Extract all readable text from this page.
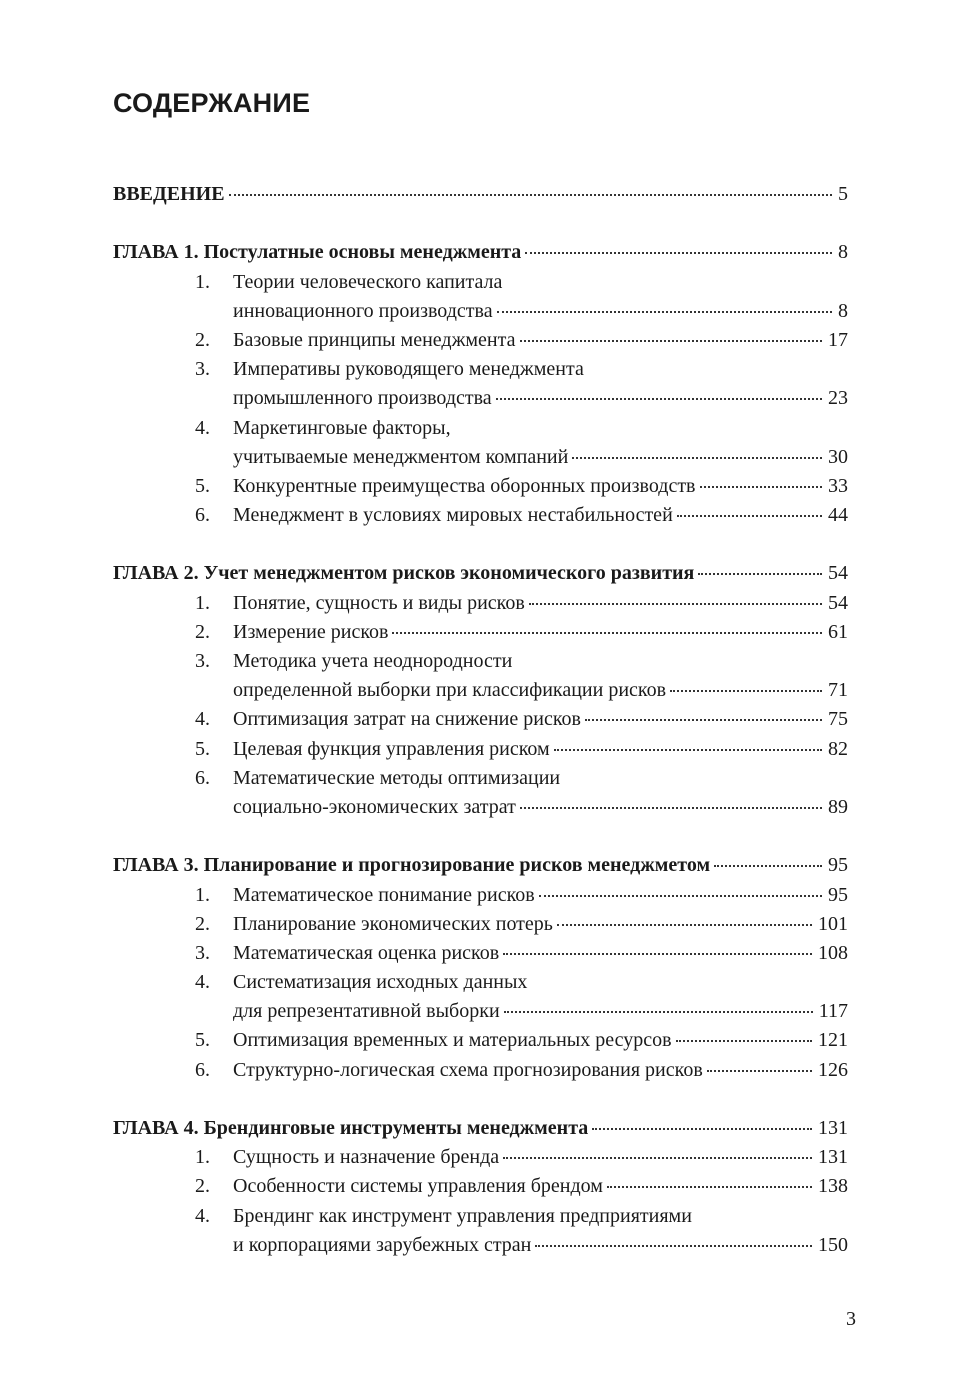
СОДЕРЖАНИЕ
ВВЕДЕНИЕ	5
ГЛАВА 1. Постулатные основы менеджмента	8
1.	Теории человеческого капитала
инновационного производства	8
2.	Базовые принципы менеджмента	17
3.	Императивы руководящего менеджмента
промышленного производства	23
4.	Маркетинговые факторы,
учитываемые менеджментом компаний	30
5.	Конкурентные преимущества оборонных производств	33
6.	Менеджмент в условиях мировых нестабильностей	44
ГЛАВА 2. Учет менеджментом рисков экономического развития	54
1.	Понятие, сущность и виды рисков	54
2.	Измерение рисков	61
3.	Методика учета неоднородности
определенной выборки при классификации рисков	71
4.	Оптимизация затрат на снижение рисков	75
5.	Целевая функция управления риском	82
6.	Математические методы оптимизации
социально-экономических затрат	89
ГЛАВА 3. Планирование и прогнозирование рисков менеджметом	95
1.	Математическое понимание рисков	95
2.	Планирование экономических потерь	101
3.	Математическая оценка рисков	108
4.	Систематизация исходных данных
для репрезентативной выборки	117
5.	Оптимизация временных и материальных ресурсов	121
6.	Структурно-логическая схема прогнозирования рисков	126
ГЛАВА 4. Брендинговые инструменты менеджмента	131
1.	Сущность и назначение бренда	131
2.	Особенности системы управления брендом	138
4.	Брендинг как инструмент управления предприятиями
и корпорациями зарубежных стран	150
3
